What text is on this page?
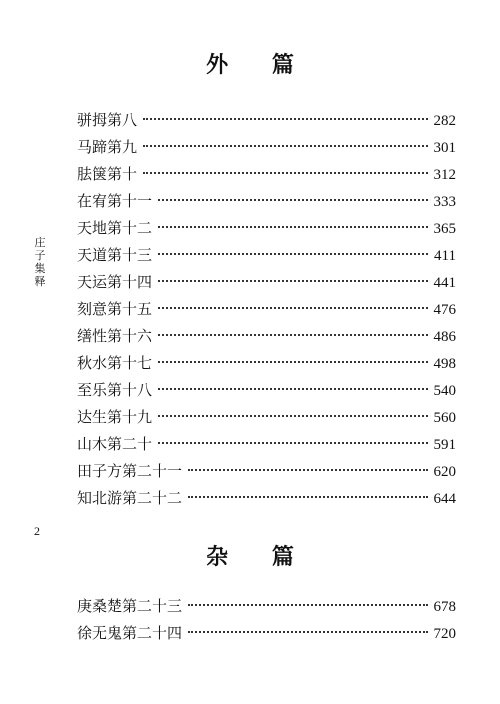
庄子集释
2
外 篇
骈拇第八	282
马蹄第九	301
胠箧第十	312
在宥第十一	333
天地第十二	365
天道第十三	411
天运第十四	441
刻意第十五	476
缮性第十六	486
秋水第十七	498
至乐第十八	540
达生第十九	560
山木第二十	591
田子方第二十一	620
知北游第二十二	644
杂 篇
庚桑楚第二十三	678
徐无鬼第二十四	720
